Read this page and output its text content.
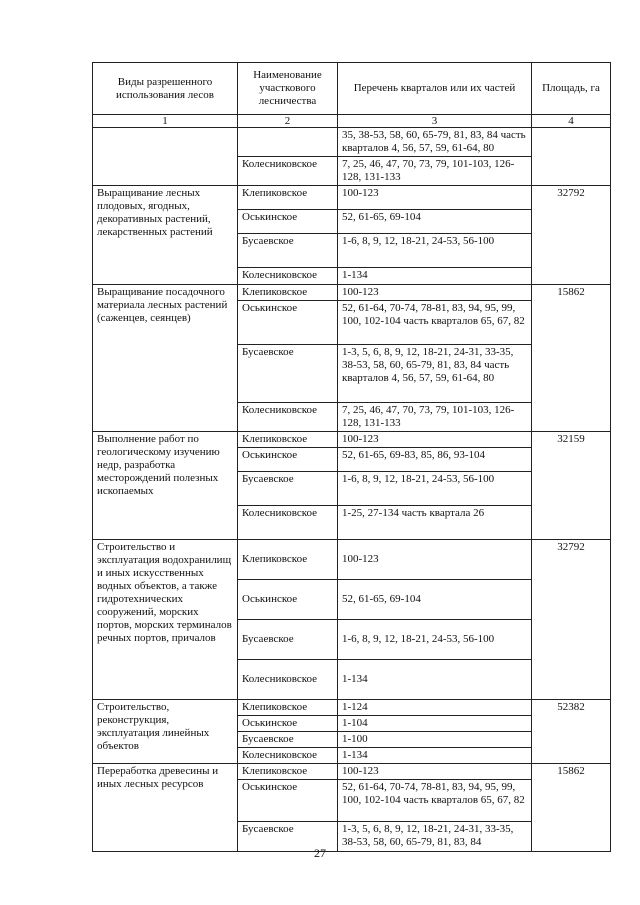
Виды разрешенного использования лесов	Наименование участкового лесничества	Перечень кварталов или их частей	Площадь, га
1	2	3	4
		35, 38-53, 58, 60, 65-79, 81, 83, 84 часть кварталов 4, 56, 57, 59, 61-64, 80	
	Колесниковское	7, 25, 46, 47, 70, 73, 79, 101-103, 126-128, 131-133	
Выращивание лесных плодовых, ягодных, декоративных растений, лекарственных растений	Клепиковское	100-123	32792
	Оськинское	52, 61-65, 69-104	
	Бусаевское	1-6, 8, 9, 12, 18-21, 24-53, 56-100	
	Колесниковское	1-134	
Выращивание посадочного материала лесных растений (саженцев, сеянцев)	Клепиковское	100-123	15862
	Оськинское	52, 61-64, 70-74, 78-81, 83, 94, 95, 99, 100, 102-104 часть кварталов 65, 67, 82	
	Бусаевское	1-3, 5, 6, 8, 9, 12, 18-21, 24-31, 33-35, 38-53, 58, 60, 65-79, 81, 83, 84 часть кварталов 4, 56, 57, 59, 61-64, 80	
	Колесниковское	7, 25, 46, 47, 70, 73, 79, 101-103, 126-128, 131-133	
Выполнение работ по геологическому изучению недр, разработка месторождений полезных ископаемых	Клепиковское	100-123	32159
	Оськинское	52, 61-65, 69-83, 85, 86, 93-104	
	Бусаевское	1-6, 8, 9, 12, 18-21, 24-53, 56-100	
	Колесниковское	1-25, 27-134 часть квартала 26	
Строительство и эксплуатация водохранилищ и иных искусственных водных объектов, а также гидротехнических сооружений, морских портов, морских терминалов речных портов, причалов	Клепиковское	100-123	32792
	Оськинское	52, 61-65, 69-104	
	Бусаевское	1-6, 8, 9, 12, 18-21, 24-53, 56-100	
	Колесниковское	1-134	
Строительство, реконструкция, эксплуатация линейных объектов	Клепиковское	1-124	52382
	Оськинское	1-104	
	Бусаевское	1-100	
	Колесниковское	1-134	
Переработка древесины и иных лесных ресурсов	Клепиковское	100-123	15862
	Оськинское	52, 61-64, 70-74, 78-81, 83, 94, 95, 99, 100, 102-104 часть кварталов 65, 67, 82	
	Бусаевское	1-3, 5, 6, 8, 9, 12, 18-21, 24-31, 33-35, 38-53, 58, 60, 65-79, 81, 83, 84	
27
